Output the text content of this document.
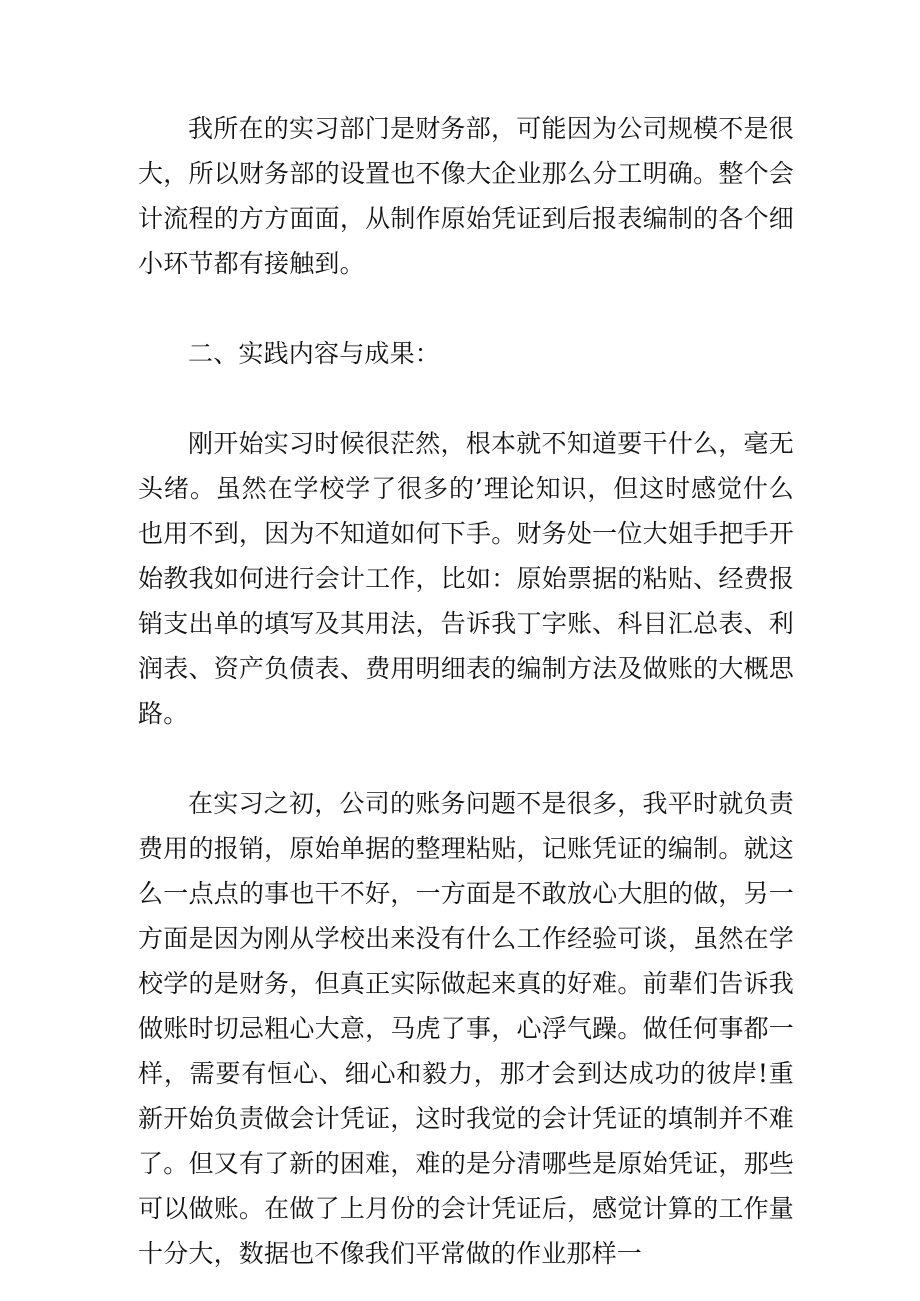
我所在的实习部门是财务部，可能因为公司规模不是很大，所以财务部的设置也不像大企业那么分工明确。整个会计流程的方方面面，从制作原始凭证到后报表编制的各个细小环节都有接触到。

二、实践内容与成果：

刚开始实习时候很茫然，根本就不知道要干什么，毫无头绪。虽然在学校学了很多的’理论知识，但这时感觉什么也用不到，因为不知道如何下手。财务处一位大姐手把手开始教我如何进行会计工作，比如：原始票据的粘贴、经费报销支出单的填写及其用法，告诉我丁字账、科目汇总表、利润表、资产负债表、费用明细表的编制方法及做账的大概思路。

在实习之初，公司的账务问题不是很多，我平时就负责费用的报销，原始单据的整理粘贴，记账凭证的编制。就这么一点点的事也干不好，一方面是不敢放心大胆的做，另一方面是因为刚从学校出来没有什么工作经验可谈，虽然在学校学的是财务，但真正实际做起来真的好难。前辈们告诉我做账时切忌粗心大意，马虎了事，心浮气躁。做任何事都一样，需要有恒心、细心和毅力，那才会到达成功的彼岸!重新开始负责做会计凭证，这时我觉的会计凭证的填制并不难了。但又有了新的困难，难的是分清哪些是原始凭证，那些可以做账。在做了上月份的会计凭证后，感觉计算的工作量十分大，数据也不像我们平常做的作业那样一
